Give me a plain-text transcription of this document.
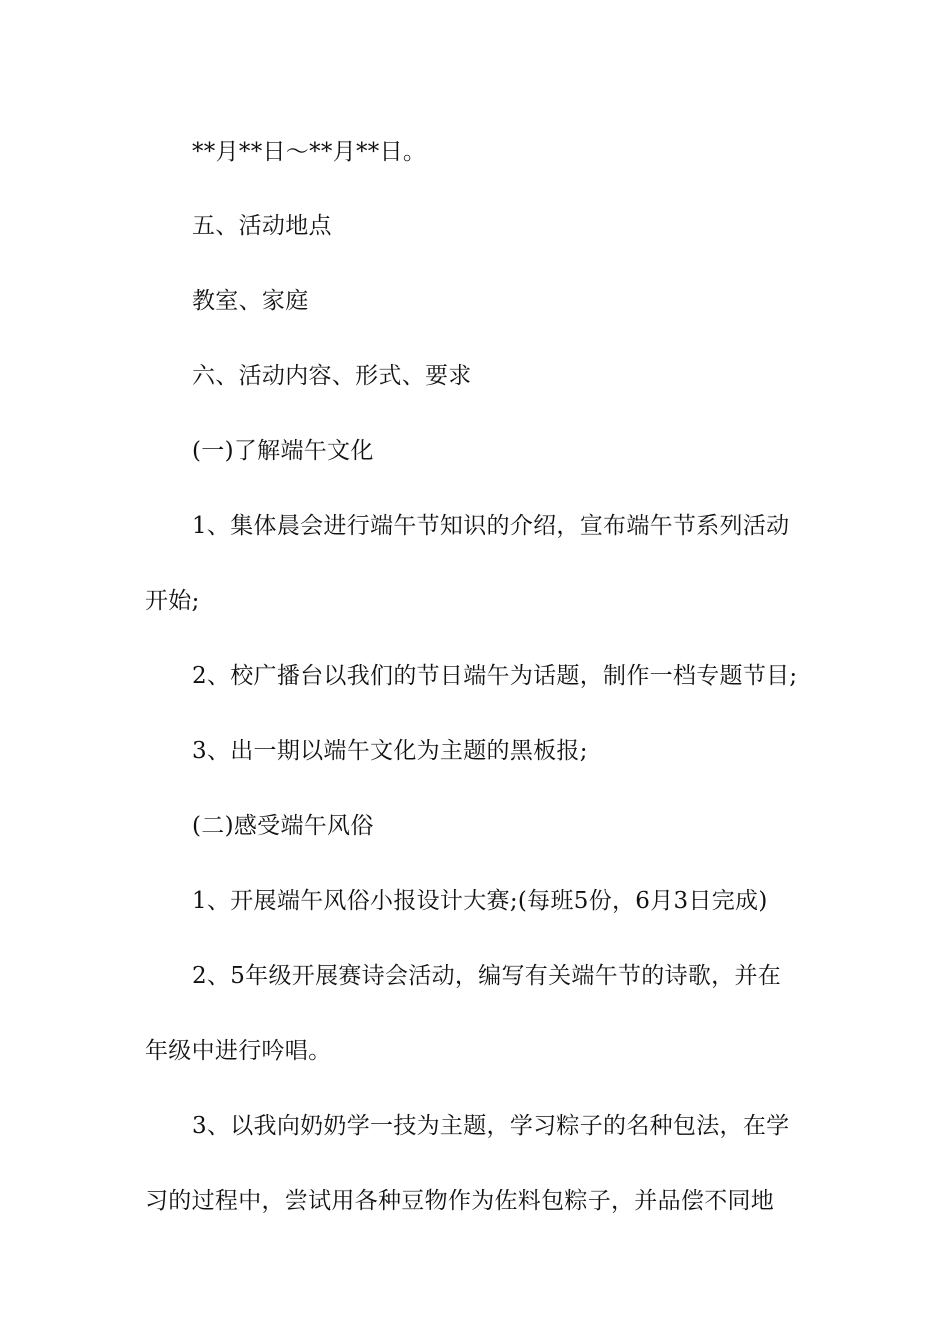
**月**日～**月**日。

五、活动地点

教室、家庭

六、活动内容、形式、要求

(一)了解端午文化

1、集体晨会进行端午节知识的介绍，宣布端午节系列活动

开始;

2、校广播台以我们的节日端午为话题，制作一档专题节目;

3、出一期以端午文化为主题的黑板报;

(二)感受端午风俗

1、开展端午风俗小报设计大赛;(每班5份，6月3日完成)

2、5年级开展赛诗会活动，编写有关端午节的诗歌，并在

年级中进行吟唱。

3、以我向奶奶学一技为主题，学习粽子的名种包法，在学

习的过程中，尝试用各种豆物作为佐料包粽子，并品偿不同地
